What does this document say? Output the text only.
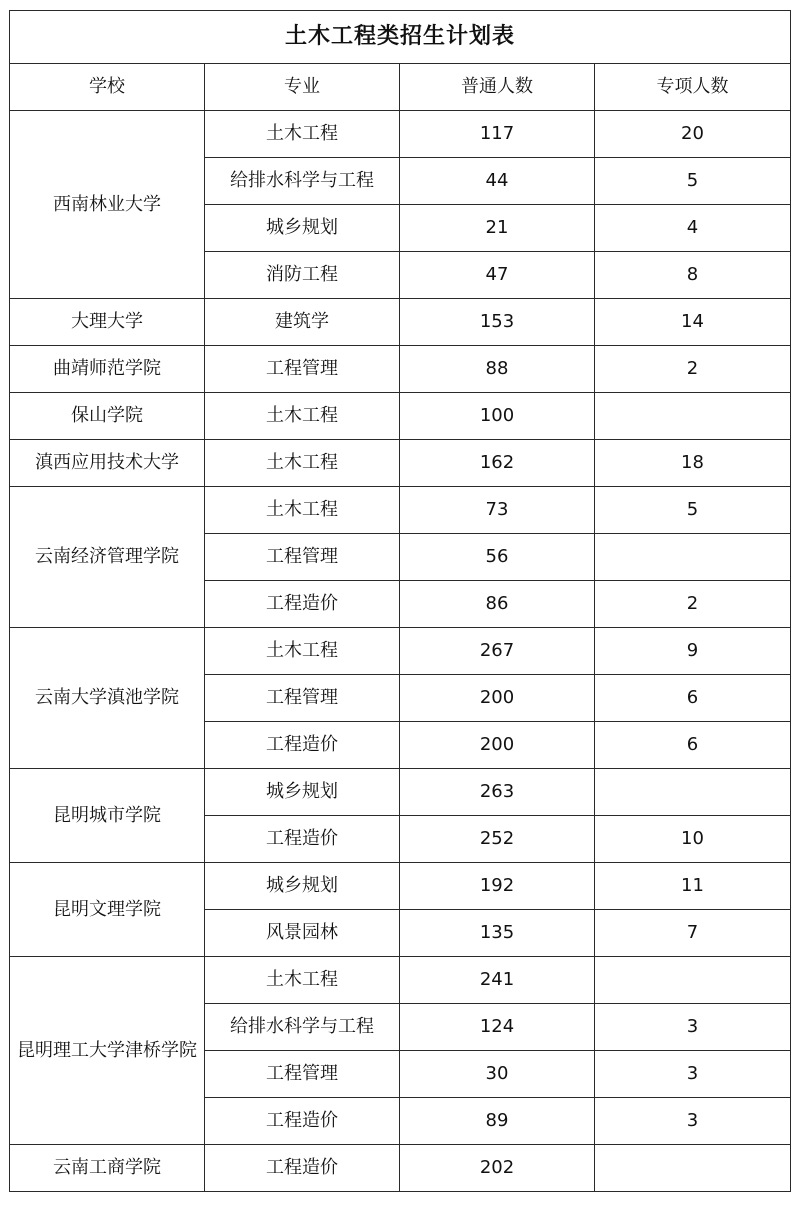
土木工程类招生计划表			
学校	专业	普通人数	专项人数
西南林业大学	土木工程	117	20
	给排水科学与工程	44	5
	城乡规划	21	4
	消防工程	47	8
大理大学	建筑学	153	14
曲靖师范学院	工程管理	88	2
保山学院	土木工程	100	
滇西应用技术大学	土木工程	162	18
云南经济管理学院	土木工程	73	5
	工程管理	56	
	工程造价	86	2
云南大学滇池学院	土木工程	267	9
	工程管理	200	6
	工程造价	200	6
昆明城市学院	城乡规划	263	
	工程造价	252	10
昆明文理学院	城乡规划	192	11
	风景园林	135	7
昆明理工大学津桥学院	土木工程	241	
	给排水科学与工程	124	3
	工程管理	30	3
	工程造价	89	3
云南工商学院	工程造价	202	
